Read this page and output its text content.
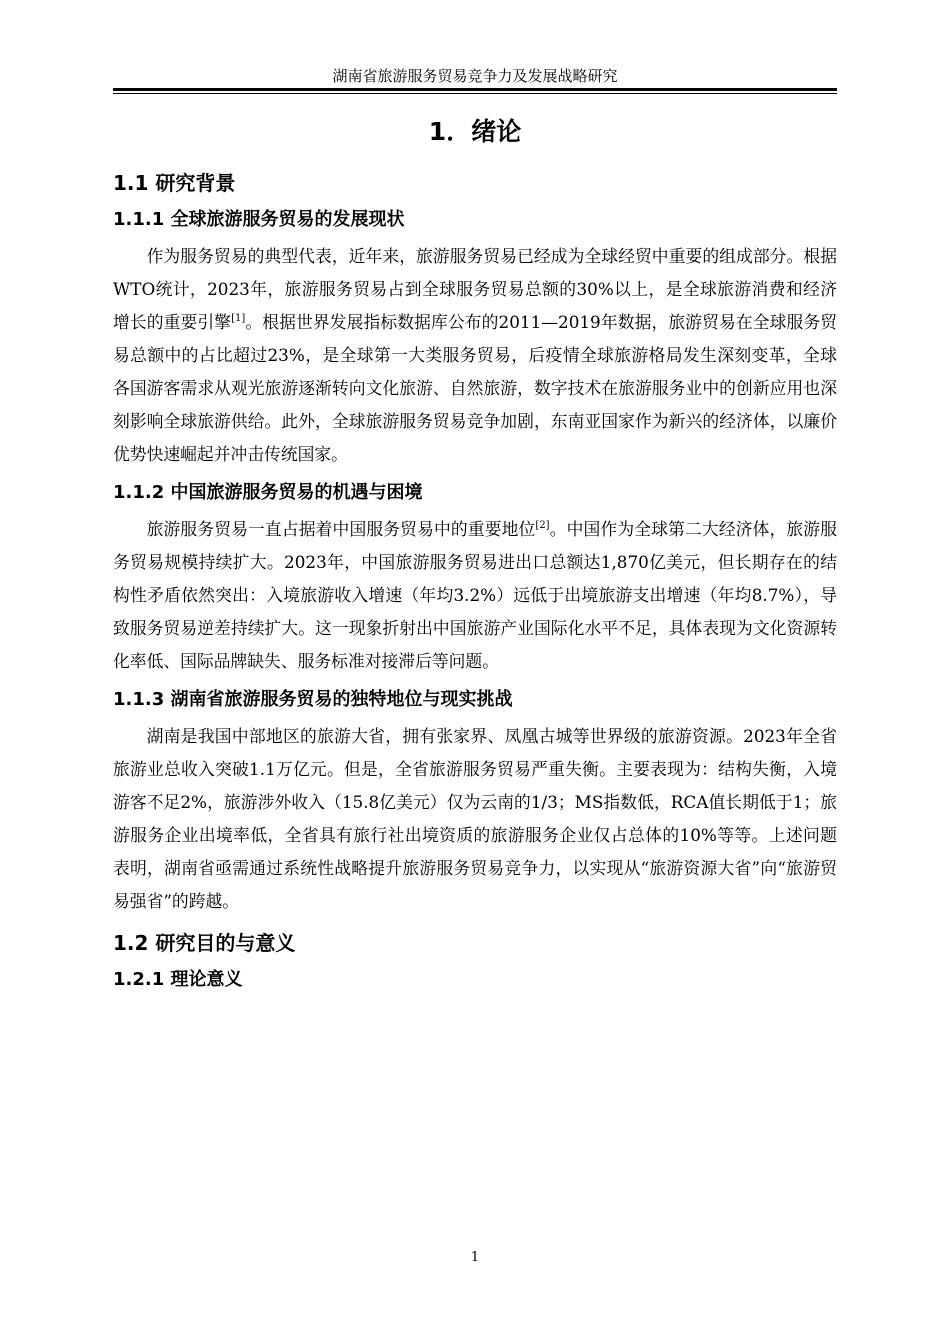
湖南省旅游服务贸易竞争力及发展战略研究
1．绪论
1.1 研究背景
1.1.1 全球旅游服务贸易的发展现状

作为服务贸易的典型代表，近年来，旅游服务贸易已经成为全球经贸中重要的组成部分。根据WTO统计，2023年，旅游服务贸易占到全球服务贸易总额的30%以上，是全球旅游消费和经济增长的重要引擎[1]。根据世界发展指标数据库公布的2011—2019年数据，旅游贸易在全球服务贸易总额中的占比超过23%，是全球第一大类服务贸易，后疫情全球旅游格局发生深刻变革，全球各国游客需求从观光旅游逐渐转向文化旅游、自然旅游，数字技术在旅游服务业中的创新应用也深刻影响全球旅游供给。此外，全球旅游服务贸易竞争加剧，东南亚国家作为新兴的经济体，以廉价优势快速崛起并冲击传统国家。

1.1.2 中国旅游服务贸易的机遇与困境

旅游服务贸易一直占据着中国服务贸易中的重要地位[2]。中国作为全球第二大经济体，旅游服务贸易规模持续扩大。2023年，中国旅游服务贸易进出口总额达1,870亿美元，但长期存在的结构性矛盾依然突出：入境旅游收入增速（年均3.2%）远低于出境旅游支出增速（年均8.7%），导致服务贸易逆差持续扩大。这一现象折射出中国旅游产业国际化水平不足，具体表现为文化资源转化率低、国际品牌缺失、服务标准对接滞后等问题。

1.1.3 湖南省旅游服务贸易的独特地位与现实挑战

湖南是我国中部地区的旅游大省，拥有张家界、凤凰古城等世界级的旅游资源。2023年全省旅游业总收入突破1.1万亿元。但是，全省旅游服务贸易严重失衡。主要表现为：结构失衡，入境游客不足2%，旅游涉外收入（15.8亿美元）仅为云南的1/3；MS指数低，RCA值长期低于1；旅游服务企业出境率低，全省具有旅行社出境资质的旅游服务企业仅占总体的10%等等。上述问题表明，湖南省亟需通过系统性战略提升旅游服务贸易竞争力，以实现从“旅游资源大省”向“旅游贸易强省”的跨越。

1.2 研究目的与意义
1.2.1 理论意义
1
